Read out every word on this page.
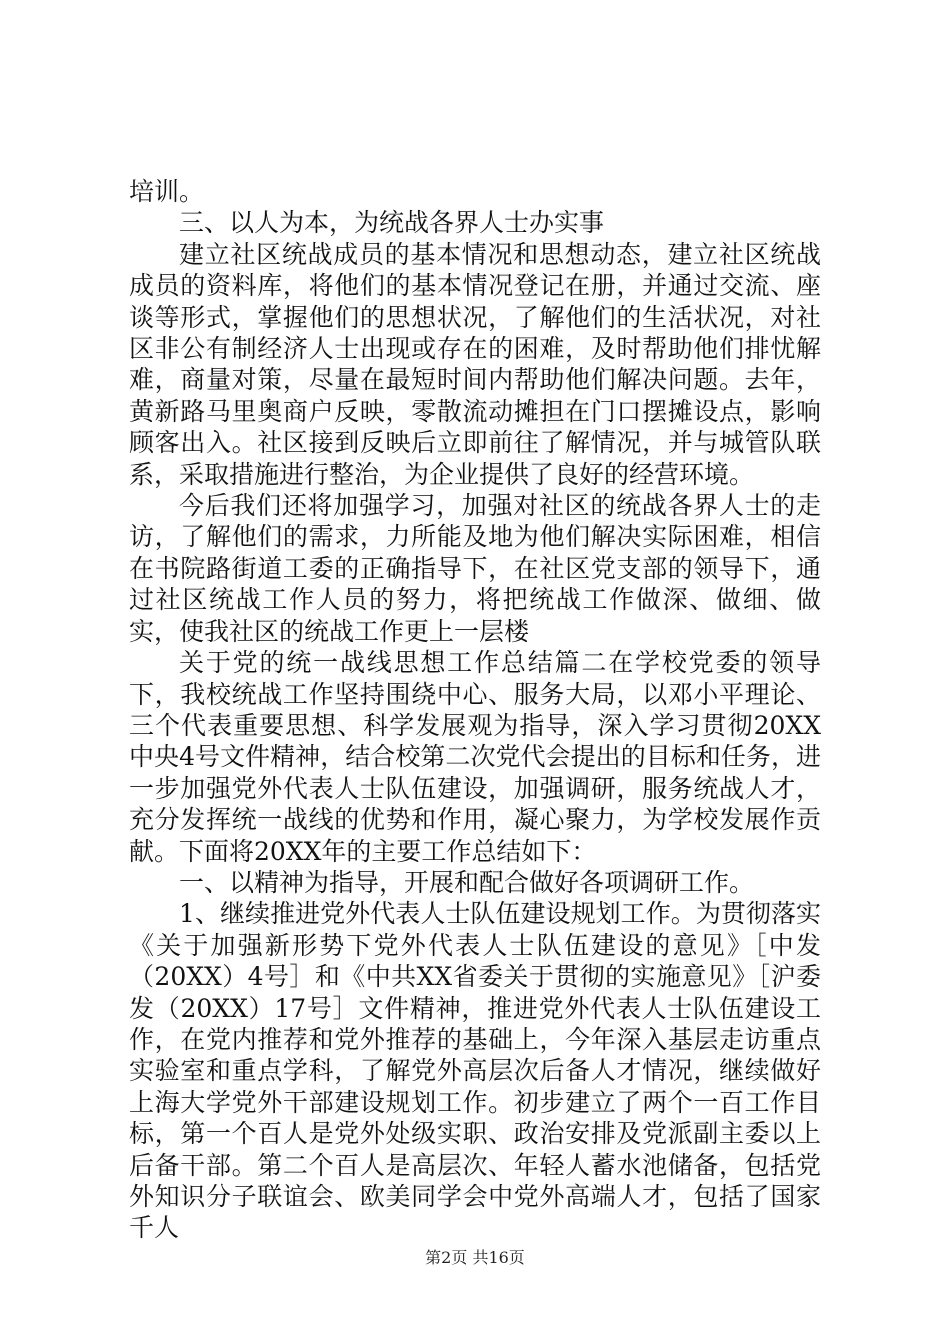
培训。

三、以人为本，为统战各界人士办实事

建立社区统战成员的基本情况和思想动态，建立社区统战成员的资料库，将他们的基本情况登记在册，并通过交流、座谈等形式，掌握他们的思想状况，了解他们的生活状况，对社区非公有制经济人士出现或存在的困难，及时帮助他们排忧解难，商量对策，尽量在最短时间内帮助他们解决问题。去年，黄新路马里奥商户反映，零散流动摊担在门口摆摊设点，影响顾客出入。社区接到反映后立即前往了解情况，并与城管队联系，采取措施进行整治，为企业提供了良好的经营环境。

今后我们还将加强学习，加强对社区的统战各界人士的走访，了解他们的需求，力所能及地为他们解决实际困难，相信在书院路街道工委的正确指导下，在社区党支部的领导下，通过社区统战工作人员的努力，将把统战工作做深、做细、做实，使我社区的统战工作更上一层楼

关于党的统一战线思想工作总结篇二在学校党委的领导下，我校统战工作坚持围绕中心、服务大局，以邓小平理论、三个代表重要思想、科学发展观为指导，深入学习贯彻20XX中央4号文件精神，结合校第二次党代会提出的目标和任务，进一步加强党外代表人士队伍建设，加强调研，服务统战人才，充分发挥统一战线的优势和作用，凝心聚力，为学校发展作贡献。下面将20XX年的主要工作总结如下：

一、以精神为指导，开展和配合做好各项调研工作。

1、继续推进党外代表人士队伍建设规划工作。为贯彻落实《关于加强新形势下党外代表人士队伍建设的意见》［中发（20XX）4号］和《中共XX省委关于贯彻的实施意见》［沪委发（20XX）17号］文件精神，推进党外代表人士队伍建设工作，在党内推荐和党外推荐的基础上，今年深入基层走访重点实验室和重点学科，了解党外高层次后备人才情况，继续做好上海大学党外干部建设规划工作。初步建立了两个一百工作目标，第一个百人是党外处级实职、政治安排及党派副主委以上后备干部。第二个百人是高层次、年轻人蓄水池储备，包括党外知识分子联谊会、欧美同学会中党外高端人才，包括了国家千人

第2页 共16页
